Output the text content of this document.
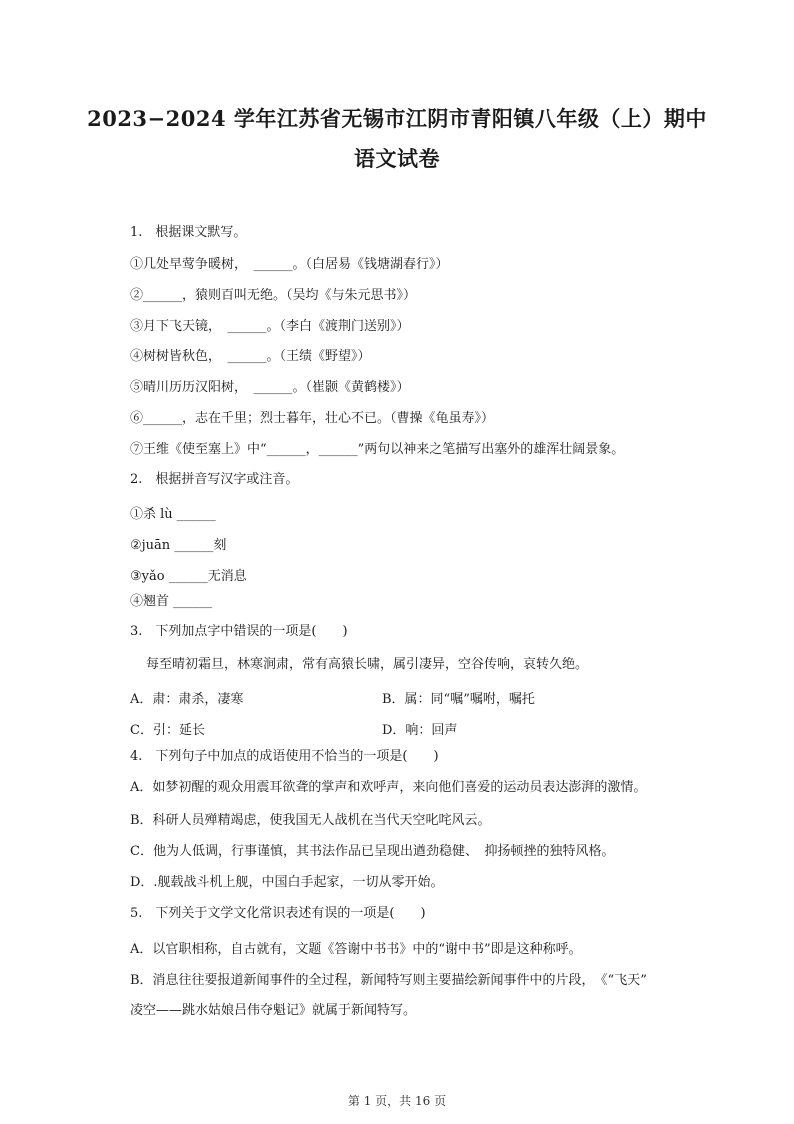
2023−2024 学年江苏省无锡市江阴市青阳镇八年级（上）期中
语文试卷
1.　根据课文默写。
①几处早莺争暖树，　______。（白居易《钱塘湖春行》）
②______，猿则百叫无绝。（吴均《与朱元思书》）
③月下飞天镜，　______。（李白《渡荆门送别》）
④树树皆秋色，　______。（王绩《野望》）
⑤晴川历历汉阳树，　______。（崔颢《黄鹤楼》）
⑥______，志在千里；烈士暮年，壮心不已。（曹操《龟虽寿》）
⑦王维《使至塞上》中“______，______”两句以神来之笔描写出塞外的雄浑壮阔景象。
2.　根据拼音写汉字或注音。
①杀 lù ______
②juān ______刻
③yǎo ______无消息
④翘首 ______
3.　下列加点字中错误的一项是(　　)
每至晴初霜旦，林寒涧肃，常有高猿长啸，属引凄异，空谷传响，哀转久绝。
A．肃：肃杀，凄寒	B．属：同“嘱”嘱咐，嘱托
C．引：延长	D．响：回声
4.　下列句子中加点的成语使用不恰当的一项是(　　)
A．如梦初醒的观众用震耳欲聋的掌声和欢呼声，来向他们喜爱的运动员表达澎湃的激情。
B．科研人员殚精竭虑，使我国无人战机在当代天空叱咤风云。
C．他为人低调，行事谨慎，其书法作品已呈现出遒劲稳健、　抑扬顿挫的独特风格。
D．.舰载战斗机上舰，中国白手起家，一切从零开始。
5.　下列关于文学文化常识表述有误的一项是(　　)
A．以官职相称，自古就有，文题《答谢中书书》中的“谢中书”即是这种称呼。
B．消息往往要报道新闻事件的全过程，新闻特写则主要描绘新闻事件中的片段，　《“飞天”
凌空——跳水姑娘吕伟夺魁记》就属于新闻特写。
第 1 页，共 16 页
